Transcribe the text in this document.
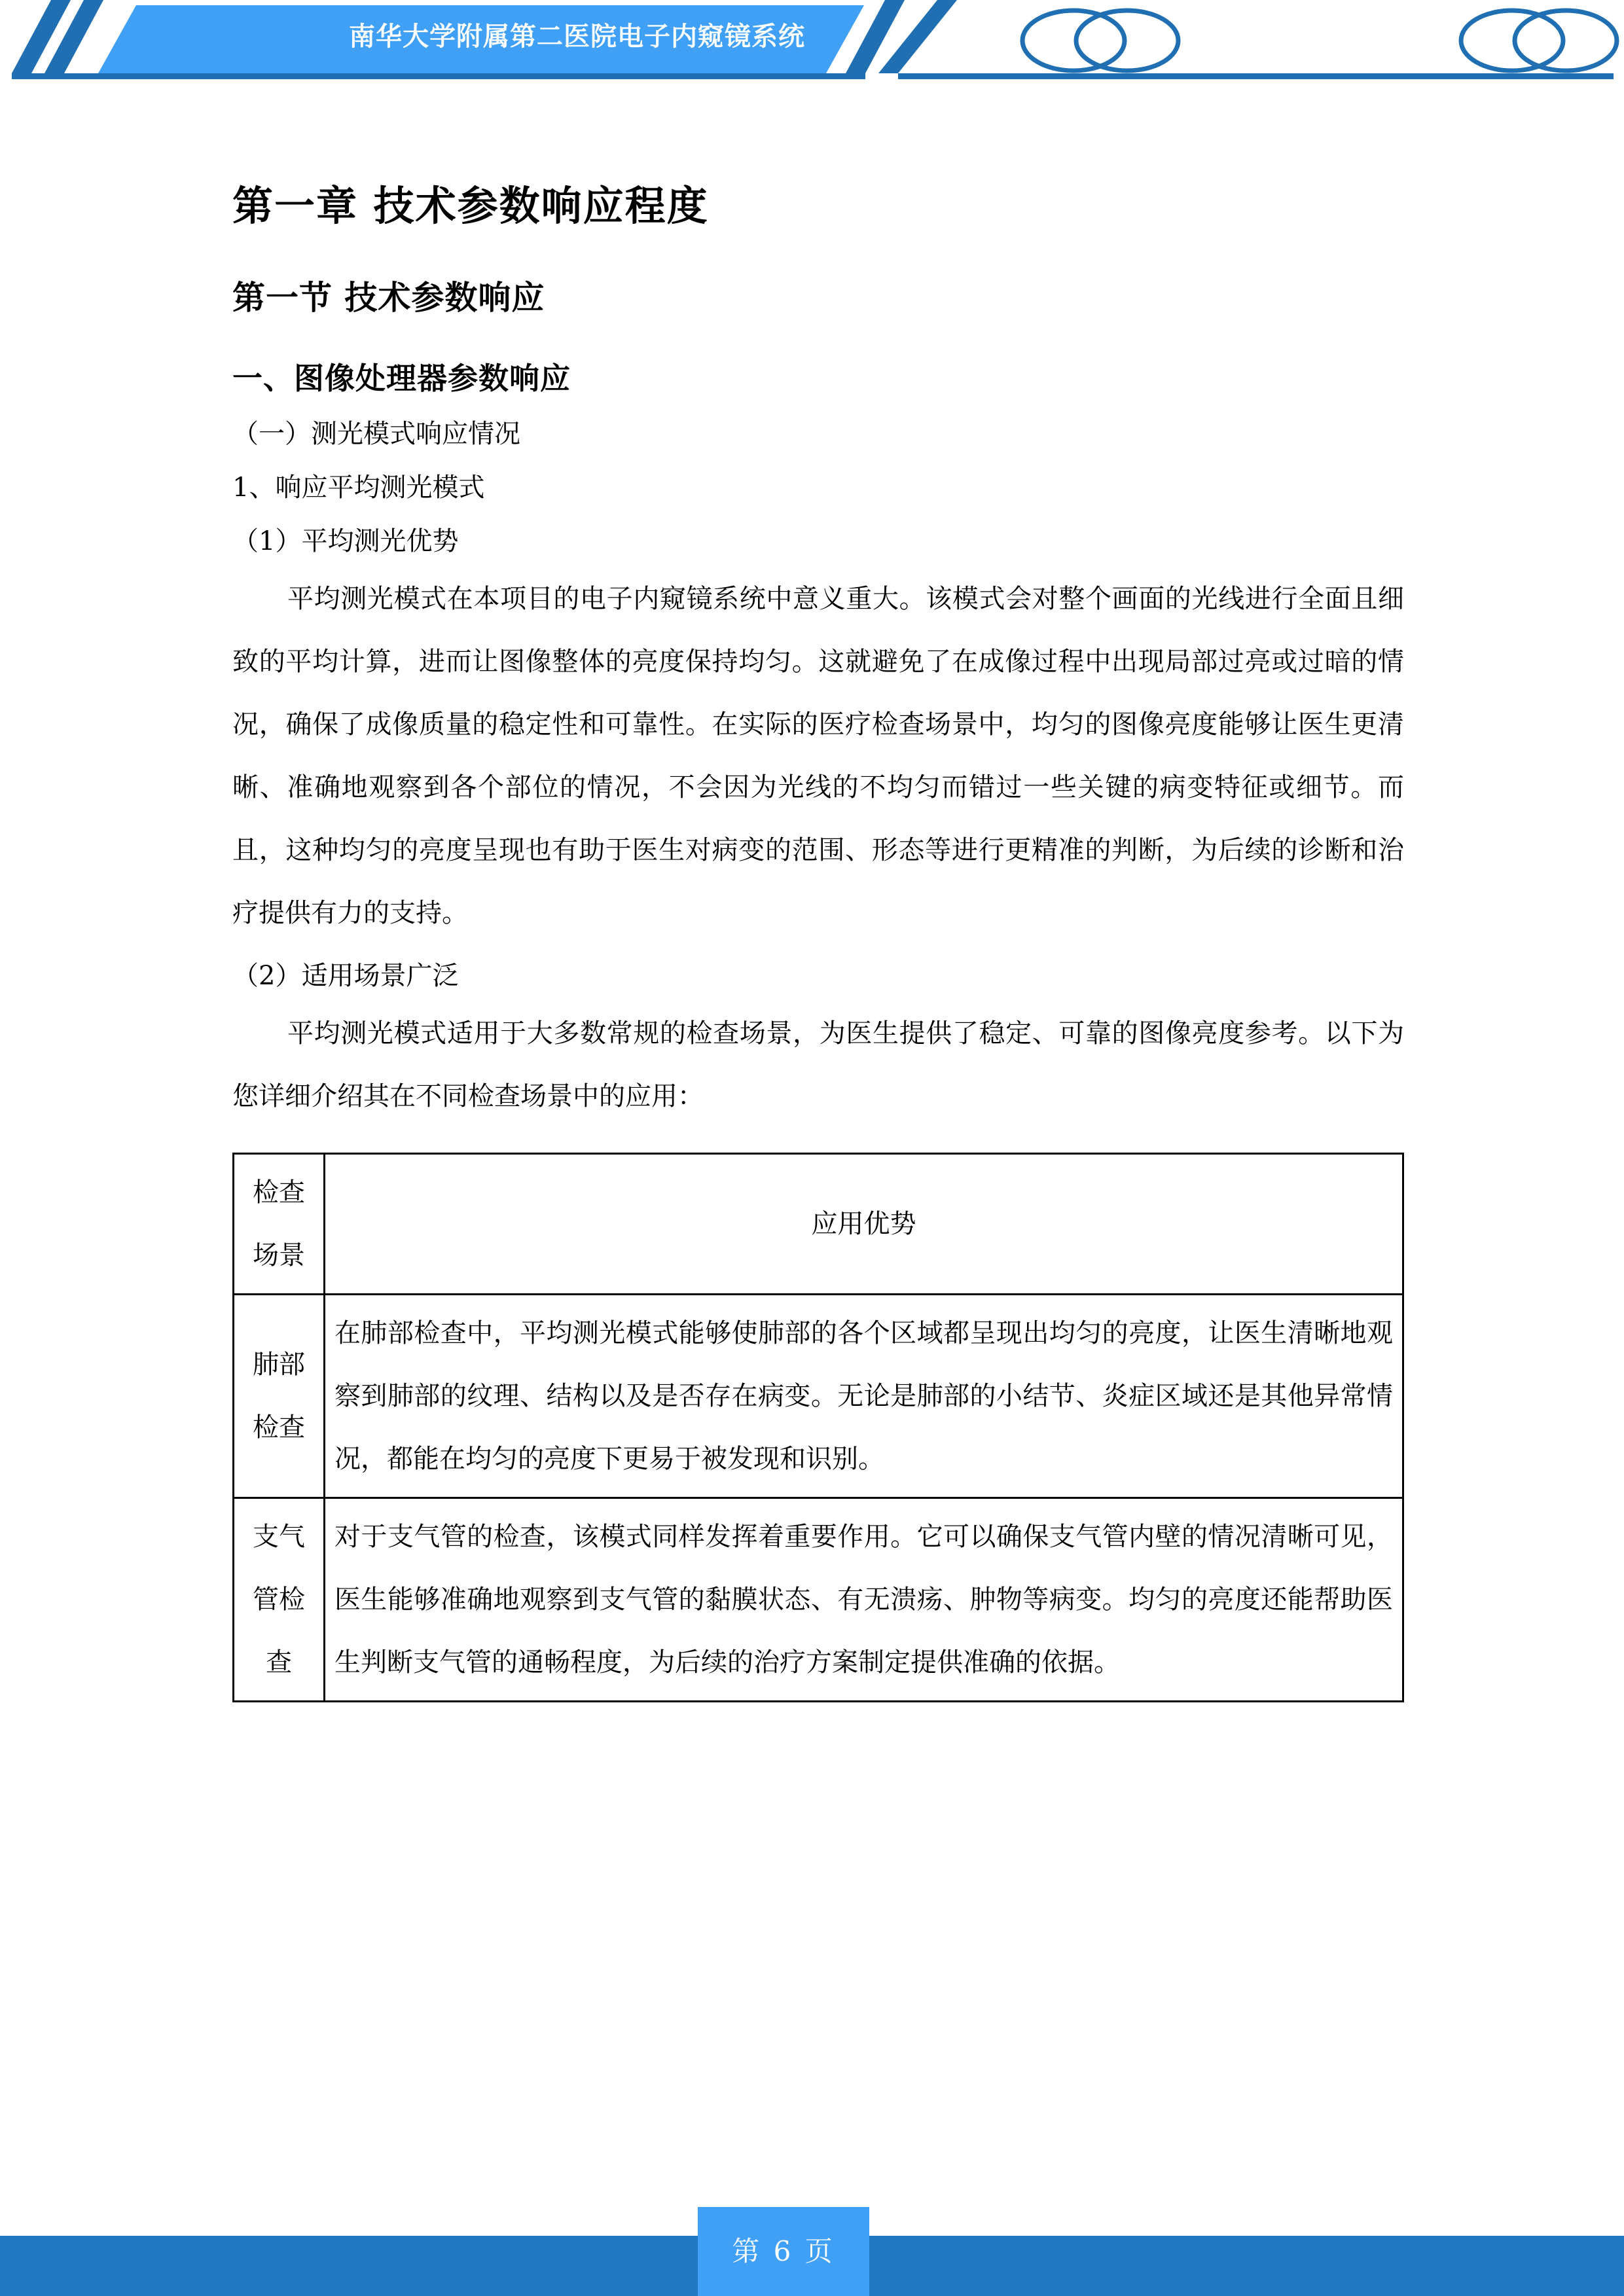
南华大学附属第二医院电子内窥镜系统
第一章 技术参数响应程度
第一节 技术参数响应
一、图像处理器参数响应
（一）测光模式响应情况
1、响应平均测光模式
（1）平均测光优势

平均测光模式在本项目的电子内窥镜系统中意义重大。该模式会对整个画面的光线进行全面且细致的平均计算，进而让图像整体的亮度保持均匀。这就避免了在成像过程中出现局部过亮或过暗的情况，确保了成像质量的稳定性和可靠性。在实际的医疗检查场景中，均匀的图像亮度能够让医生更清晰、准确地观察到各个部位的情况，不会因为光线的不均匀而错过一些关键的病变特征或细节。而且，这种均匀的亮度呈现也有助于医生对病变的范围、形态等进行更精准的判断，为后续的诊断和治疗提供有力的支持。

（2）适用场景广泛

平均测光模式适用于大多数常规的检查场景，为医生提供了稳定、可靠的图像亮度参考。以下为您详细介绍其在不同检查场景中的应用：

检查场景	应用优势
肺部检查	在肺部检查中，平均测光模式能够使肺部的各个区域都呈现出均匀的亮度，让医生清晰地观察到肺部的纹理、结构以及是否存在病变。无论是肺部的小结节、炎症区域还是其他异常情况，都能在均匀的亮度下更易于被发现和识别。
支气管检查	对于支气管的检查，该模式同样发挥着重要作用。它可以确保支气管内壁的情况清晰可见，医生能够准确地观察到支气管的黏膜状态、有无溃疡、肿物等病变。均匀的亮度还能帮助医生判断支气管的通畅程度，为后续的治疗方案制定提供准确的依据。
第 6 页
